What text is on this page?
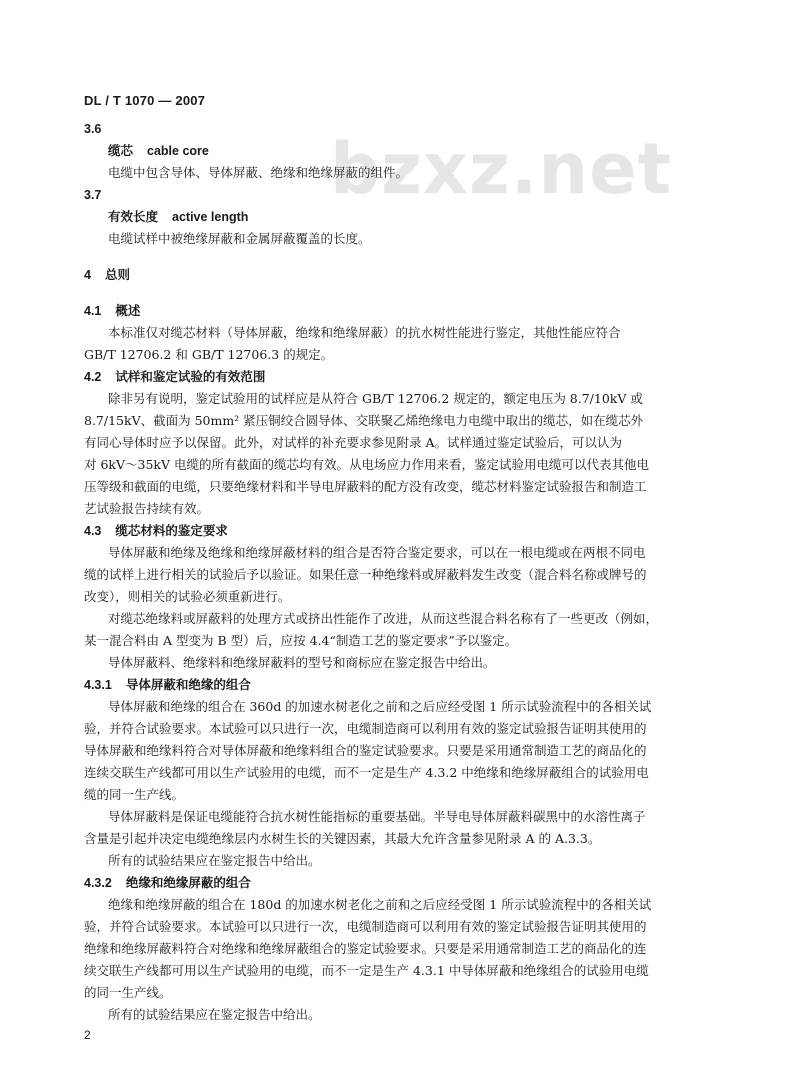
DL / T 1070 — 2007
bzxz.net
3.6
缆芯 cable core
电缆中包含导体、导体屏蔽、绝缘和绝缘屏蔽的组件。
3.7
有效长度 active length
电缆试样中被绝缘屏蔽和金属屏蔽覆盖的长度。
4 总则
4.1 概述
本标准仅对缆芯材料（导体屏蔽，绝缘和绝缘屏蔽）的抗水树性能进行鉴定，其他性能应符合
GB/T 12706.2 和 GB/T 12706.3 的规定。
4.2 试样和鉴定试验的有效范围
除非另有说明，鉴定试验用的试样应是从符合 GB/T 12706.2 规定的，额定电压为 8.7/10kV 或
8.7/15kV、截面为 50mm² 紧压铜绞合圆导体、交联聚乙烯绝缘电力电缆中取出的缆芯，如在缆芯外
有同心导体时应予以保留。此外，对试样的补充要求参见附录 A。试样通过鉴定试验后，可以认为
对 6kV～35kV 电缆的所有截面的缆芯均有效。从电场应力作用来看，鉴定试验用电缆可以代表其他电
压等级和截面的电缆，只要绝缘材料和半导电屏蔽料的配方没有改变，缆芯材料鉴定试验报告和制造工
艺试验报告持续有效。
4.3 缆芯材料的鉴定要求
导体屏蔽和绝缘及绝缘和绝缘屏蔽材料的组合是否符合鉴定要求，可以在一根电缆或在两根不同电
缆的试样上进行相关的试验后予以验证。如果任意一种绝缘料或屏蔽料发生改变（混合料名称或牌号的
改变），则相关的试验必须重新进行。
对缆芯绝缘料或屏蔽料的处理方式或挤出性能作了改进，从而这些混合料名称有了一些更改（例如，
某一混合料由 A 型变为 B 型）后，应按 4.4“制造工艺的鉴定要求”予以鉴定。
导体屏蔽料、绝缘料和绝缘屏蔽料的型号和商标应在鉴定报告中给出。
4.3.1 导体屏蔽和绝缘的组合
导体屏蔽和绝缘的组合在 360d 的加速水树老化之前和之后应经受图 1 所示试验流程中的各相关试
验，并符合试验要求。本试验可以只进行一次，电缆制造商可以利用有效的鉴定试验报告证明其使用的
导体屏蔽和绝缘料符合对导体屏蔽和绝缘料组合的鉴定试验要求。只要是采用通常制造工艺的商品化的
连续交联生产线都可用以生产试验用的电缆，而不一定是生产 4.3.2 中绝缘和绝缘屏蔽组合的试验用电
缆的同一生产线。
导体屏蔽料是保证电缆能符合抗水树性能指标的重要基础。半导电导体屏蔽料碳黑中的水溶性离子
含量是引起并决定电缆绝缘层内水树生长的关键因素，其最大允许含量参见附录 A 的 A.3.3。
所有的试验结果应在鉴定报告中给出。
4.3.2 绝缘和绝缘屏蔽的组合
绝缘和绝缘屏蔽的组合在 180d 的加速水树老化之前和之后应经受图 1 所示试验流程中的各相关试
验，并符合试验要求。本试验可以只进行一次，电缆制造商可以利用有效的鉴定试验报告证明其使用的
绝缘和绝缘屏蔽料符合对绝缘和绝缘屏蔽组合的鉴定试验要求。只要是采用通常制造工艺的商品化的连
续交联生产线都可用以生产试验用的电缆，而不一定是生产 4.3.1 中导体屏蔽和绝缘组合的试验用电缆
的同一生产线。
所有的试验结果应在鉴定报告中给出。
2
